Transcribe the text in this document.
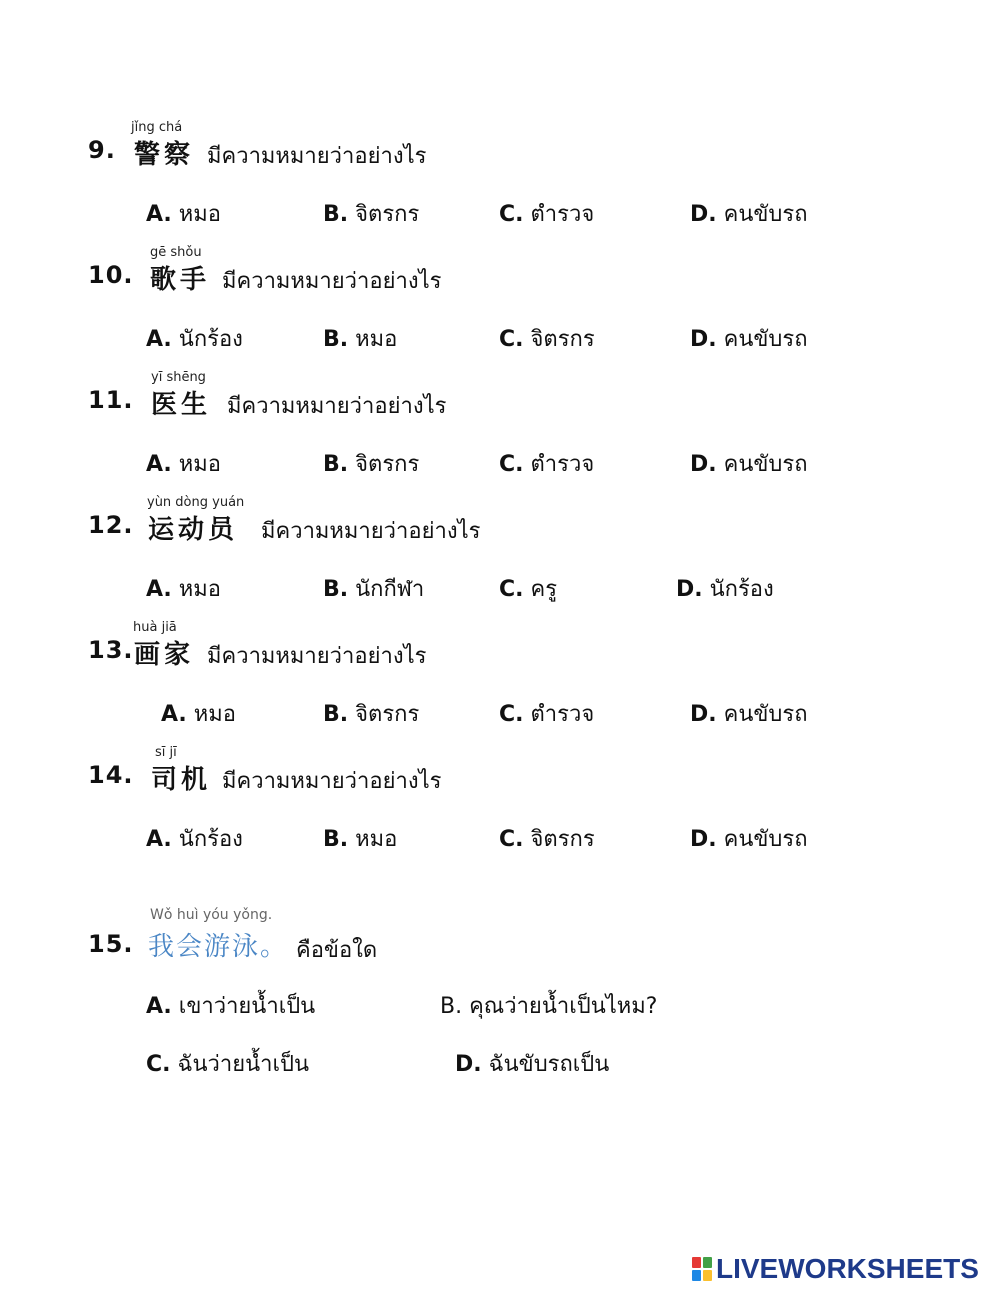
jǐng chá
9. 警察 มีความหมายว่าอย่างไร
A. หมอ	B. จิตรกร	C. ตำรวจ	D. คนขับรถ
gē shǒu
10. 歌手 มีความหมายว่าอย่างไร
A. นักร้อง	B. หมอ	C. จิตรกร	D. คนขับรถ
yī shēng
11. 医生 มีความหมายว่าอย่างไร
A. หมอ	B. จิตรกร	C. ตำรวจ	D. คนขับรถ
yùn dòng yuán
12. 运动员 มีความหมายว่าอย่างไร
A. หมอ	B. นักกีฬา	C. ครู	D. นักร้อง
huà jiā
13. 画家 มีความหมายว่าอย่างไร
A. หมอ	B. จิตรกร	C. ตำรวจ	D. คนขับรถ
sī jī
14. 司机 มีความหมายว่าอย่างไร
A. นักร้อง	B. หมอ	C. จิตรกร	D. คนขับรถ
Wǒ huì yóu yǒng.
15. 我会游泳。 คือข้อใด
A. เขาว่ายน้ำเป็น	B. คุณว่ายน้ำเป็นไหม?
C. ฉันว่ายน้ำเป็น	D. ฉันขับรถเป็น
LIVEWORKSHEETS
